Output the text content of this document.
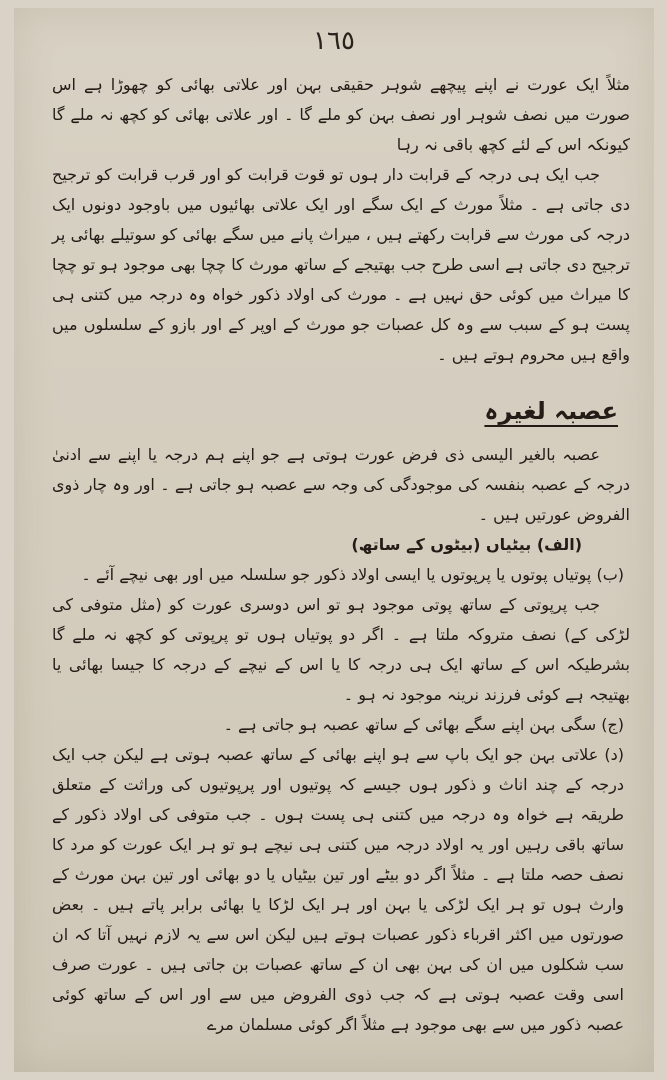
١٦٥

مثلاً ایک عورت نے اپنے پیچھے شوہر حقیقی بہن اور علاتی بھائی کو چھوڑا ہے اس صورت میں نصف شوہر اور نصف بہن کو ملے گا ۔ اور علاتی بھائی کو کچھ نہ ملے گا کیونکہ اس کے لئے کچھ باقی نہ رہا

جب ایک ہی درجہ کے قرابت دار ہوں تو قوت قرابت کو اور قرب قرابت کو ترجیح دی جاتی ہے ۔ مثلاً مورث کے ایک سگے اور ایک علاتی بھائیوں میں باوجود دونوں ایک درجہ کی مورث سے قرابت رکھتے ہیں ، میراث پانے میں سگے بھائی کو سوتیلے بھائی پر ترجیح دی جاتی ہے اسی طرح جب بھتیجے کے ساتھ مورث کا چچا بھی موجود ہو تو چچا کا میراث میں کوئی حق نہیں ہے ۔ مورث کی اولاد ذکور خواہ وہ درجہ میں کتنی ہی پست ہو کے سبب سے وہ کل عصبات جو مورث کے اوپر کے اور بازو کے سلسلوں میں واقع ہیں محروم ہوتے ہیں ۔

عصبہ لغیرہ

عصبہ بالغیر الیسی ذی فرض عورت ہوتی ہے جو اپنے ہم درجہ یا اپنے سے ادنیٰ درجہ کے عصبہ بنفسہ کی موجودگی کی وجہ سے عصبہ ہو جاتی ہے ۔ اور وہ چار ذوی الفروض عورتیں ہیں ۔

(الف) بیٹیاں (بیٹوں کے ساتھ)

(ب) پوتیاں پوتوں یا پرپوتوں یا ایسی اولاد ذکور جو سلسلہ میں اور بھی نیچے آئے ۔

جب پرپوتی کے ساتھ پوتی موجود ہو تو اس دوسری عورت کو (مثل متوفی کی لڑکی کے) نصف متروکہ ملتا ہے ۔ اگر دو پوتیاں ہوں تو پرپوتی کو کچھ نہ ملے گا بشرطیکہ اس کے ساتھ ایک ہی درجہ کا یا اس کے نیچے کے درجہ کا جیسا بھائی یا بھتیجہ ہے کوئی فرزند نرینہ موجود نہ ہو ۔

(ج) سگی بہن اپنے سگے بھائی کے ساتھ عصبہ ہو جاتی ہے ۔

(د) علاتی بہن جو ایک باپ سے ہو اپنے بھائی کے ساتھ عصبہ ہوتی ہے لیکن جب ایک درجہ کے چند اناث و ذکور ہوں جیسے کہ پوتیوں اور پرپوتیوں کی وراثت کے متعلق طریقہ ہے خواہ وہ درجہ میں کتنی ہی پست ہوں ۔ جب متوفی کی اولاد ذکور کے ساتھ باقی رہیں اور یہ اولاد درجہ میں کتنی ہی نیچے ہو تو ہر ایک عورت کو مرد کا نصف حصہ ملتا ہے ۔ مثلاً اگر دو بیٹے اور تین بیٹیاں یا دو بھائی اور تین بہن مورث کے وارث ہوں تو ہر ایک لڑکی یا بہن اور ہر ایک لڑکا یا بھائی برابر پاتے ہیں ۔ بعض صورتوں میں اکثر اقرباء ذکور عصبات ہوتے ہیں لیکن اس سے یہ لازم نہیں آتا کہ ان سب شکلوں میں ان کی بہن بھی ان کے ساتھ عصبات بن جاتی ہیں ۔ عورت صرف اسی وقت عصبہ ہوتی ہے کہ جب ذوی الفروض میں سے اور اس کے ساتھ کوئی عصبہ ذکور میں سے بھی موجود ہے مثلاً اگر کوئی مسلمان مرے
